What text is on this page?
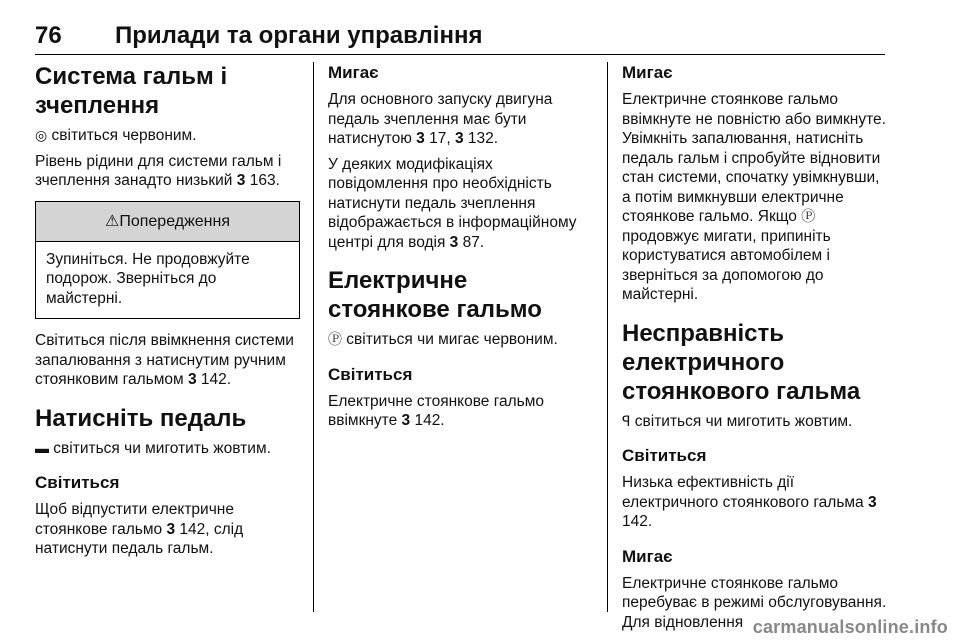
76 Прилади та органи управління
Система гальм і зчеплення

◎ світиться червоним.

Рівень рідини для системи гальм і зчеплення занадто низький 3 163.

⚠Попередження

Зупиніться. Не продовжуйте подорож. Зверніться до майстерні.

Світиться після ввімкнення системи запалювання з натиснутим ручним стоянковим гальмом 3 142.

Натисніть педаль

▬ світиться чи миготить жовтим.

Світиться

Щоб відпустити електричне стоянкове гальмо 3 142, слід натиснути педаль гальм.

Мигає

Для основного запуску двигуна педаль зчеплення має бути натиснутою 3 17, 3 132.

У деяких модифікаціях повідомлення про необхідність натиснути педаль зчеплення відображається в інформаційному центрі для водія 3 87.

Електричне стоянкове гальмо

Ⓟ світиться чи мигає червоним.

Світиться

Електричне стоянкове гальмо ввімкнуте 3 142.

Мигає

Електричне стоянкове гальмо ввімкнуте не повністю або вимкнуте. Увімкніть запалювання, натисніть педаль гальм і спробуйте відновити стан системи, спочатку увімкнувши, а потім вимкнувши електричне стоянкове гальмо. Якщо Ⓟ продовжує мигати, припиніть користуватися автомобілем і зверніться за допомогою до майстерні.

Несправність електричного стоянкового гальма

ꟼ світиться чи миготить жовтим.

Світиться

Низька ефективність дії електричного стоянкового гальма 3 142.

Мигає

Електричне стоянкове гальмо перебуває в режимі обслуговування. Для відновлення carmanualsonline.info
